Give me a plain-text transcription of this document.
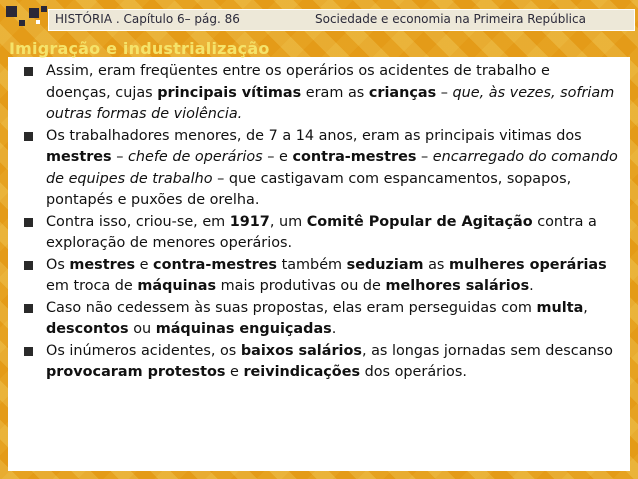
HISTÓRIA . Capítulo 6– pág. 86	Sociedade e economia na Primeira República
Assim, eram freqüentes entre os operários os acidentes de trabalho e doenças, cujas principais vítimas eram as crianças – que, às vezes, sofriam outras formas de violência.
Os trabalhadores menores, de 7 a 14 anos, eram as principais vitimas dos mestres – chefe de operários – e contra-mestres – encarregado do comando de equipes de trabalho – que castigavam com espancamentos, sopapos, pontapés e puxões de orelha.
Contra isso, criou-se, em 1917, um Comitê Popular de Agitação contra a exploração de menores operários.
Os mestres e contra-mestres também seduziam as mulheres operárias em troca de máquinas mais produtivas ou de melhores salários.
Caso não cedessem às suas propostas, elas eram perseguidas com multa, descontos ou máquinas enguiçadas.
Os inúmeros acidentes, os baixos salários, as longas jornadas sem descanso provocaram protestos e reivindicações dos operários.
Imigração e industrialização
